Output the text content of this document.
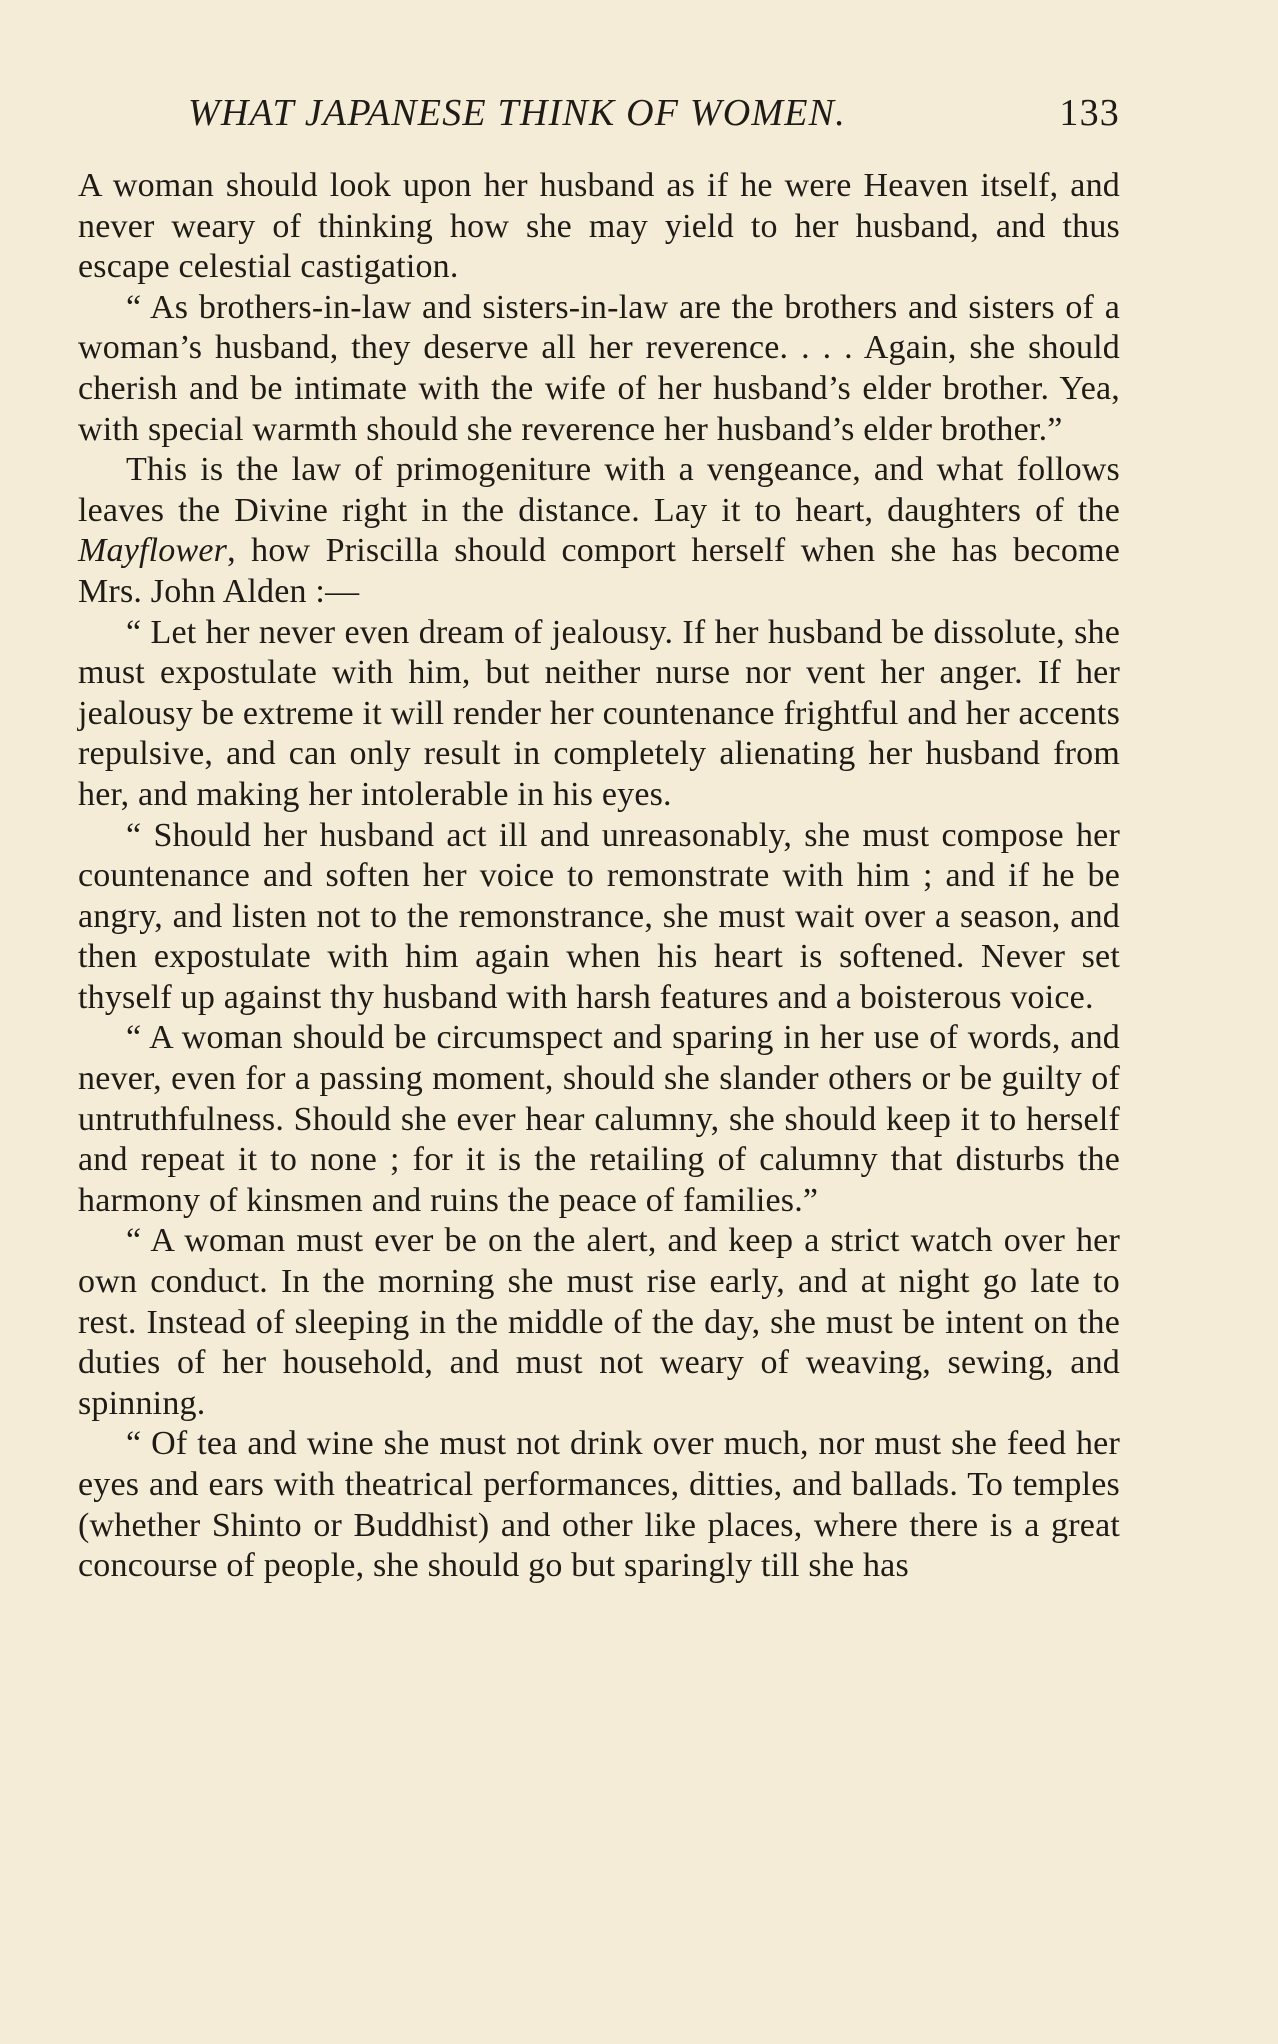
WHAT JAPANESE THINK OF WOMEN.	133

A woman should look upon her husband as if he were Heaven itself, and never weary of thinking how she may yield to her husband, and thus escape celestial castigation.

“ As brothers-in-law and sisters-in-law are the brothers and sisters of a woman’s husband, they deserve all her reverence. . . . Again, she should cherish and be intimate with the wife of her husband’s elder brother. Yea, with special warmth should she reverence her husband’s elder brother.”

This is the law of primogeniture with a vengeance, and what follows leaves the Divine right in the distance. Lay it to heart, daughters of the Mayflower, how Priscilla should comport herself when she has become Mrs. John Alden :—

“ Let her never even dream of jealousy. If her husband be dissolute, she must expostulate with him, but neither nurse nor vent her anger. If her jealousy be extreme it will render her countenance frightful and her accents repulsive, and can only result in completely alienating her husband from her, and making her intolerable in his eyes.

“ Should her husband act ill and unreasonably, she must compose her countenance and soften her voice to remonstrate with him ; and if he be angry, and listen not to the remonstrance, she must wait over a season, and then expostulate with him again when his heart is softened. Never set thyself up against thy husband with harsh features and a boisterous voice.

“ A woman should be circumspect and sparing in her use of words, and never, even for a passing moment, should she slander others or be guilty of untruthfulness. Should she ever hear calumny, she should keep it to herself and repeat it to none ; for it is the retailing of calumny that disturbs the harmony of kinsmen and ruins the peace of families.”

“ A woman must ever be on the alert, and keep a strict watch over her own conduct. In the morning she must rise early, and at night go late to rest. Instead of sleeping in the middle of the day, she must be intent on the duties of her household, and must not weary of weaving, sewing, and spinning.

“ Of tea and wine she must not drink over much, nor must she feed her eyes and ears with theatrical performances, ditties, and ballads. To temples (whether Shinto or Buddhist) and other like places, where there is a great concourse of people, she should go but sparingly till she has
